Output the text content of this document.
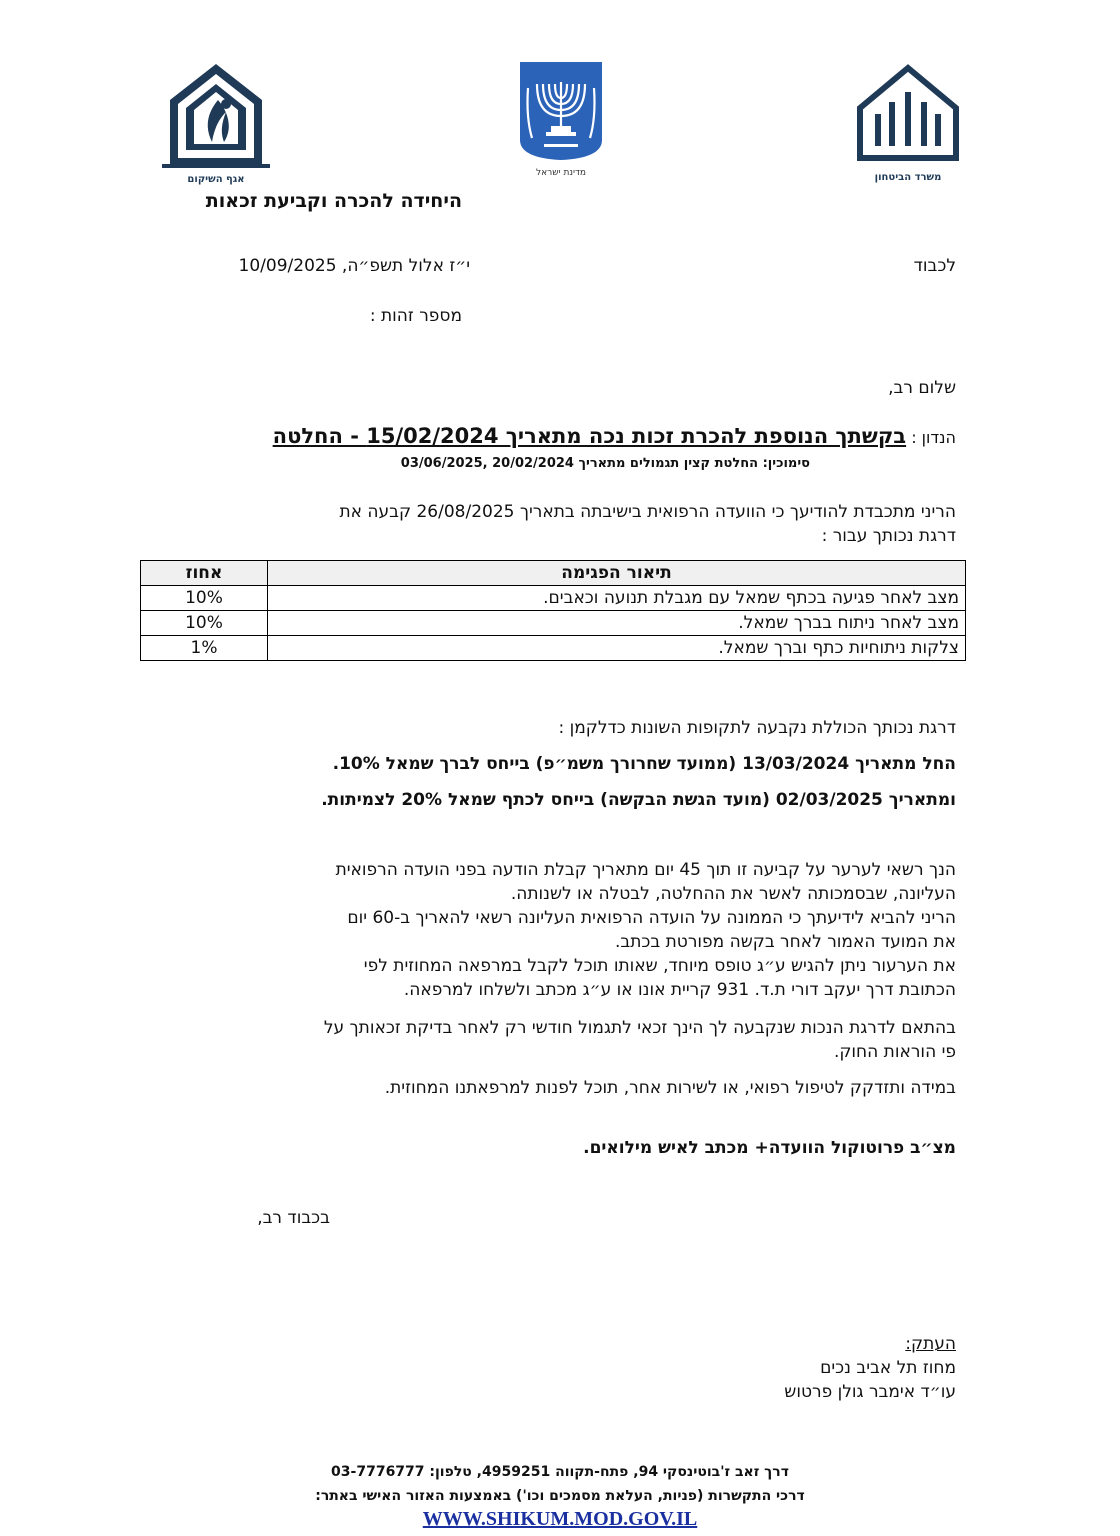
אגף השיקום
מדינת ישראל	משרד הביטחון
היחידה להכרה וקביעת זכאות
לכבוד
י״ז אלול תשפ״ה, 10/09/2025
מספר זהות :
שלום רב,
הנדון : בקשתך הנוספת להכרת זכות נכה מתאריך 15/02/2024 - החלטה
סימוכין: החלטת קצין תגמולים מתאריך 20/02/2024 ,03/06/2025
הריני מתכבדת להודיעך כי הוועדה הרפואית בישיבתה בתאריך 26/08/2025 קבעה את
דרגת נכותך עבור :
תיאור הפגימה	אחוז
מצב לאחר פגיעה בכתף שמאל עם מגבלת תנועה וכאבים.	10%
מצב לאחר ניתוח בברך שמאל.	10%
צלקות ניתוחיות כתף וברך שמאל.	1%
דרגת נכותך הכוללת נקבעה לתקופות השונות כדלקמן :
החל מתאריך 13/03/2024 (ממועד שחרורך משמ״פ) בייחס לברך שמאל 10%.
ומתאריך 02/03/2025 (מועד הגשת הבקשה) בייחס לכתף שמאל 20% לצמיתות.
הנך רשאי לערער על קביעה זו תוך 45 יום מתאריך קבלת הודעה בפני הועדה הרפואית
העליונה, שבסמכותה לאשר את ההחלטה, לבטלה או לשנותה.
הריני להביא לידיעתך כי הממונה על הועדה הרפואית העליונה רשאי להאריך ב-60 יום
את המועד האמור לאחר בקשה מפורטת בכתב.
את הערעור ניתן להגיש ע״ג טופס מיוחד, שאותו תוכל לקבל במרפאה המחוזית לפי
הכתובת דרך יעקב דורי ת.ד. 931 קריית אונו או ע״ג מכתב ולשלחו למרפאה.
בהתאם לדרגת הנכות שנקבעה לך הינך זכאי לתגמול חודשי רק לאחר בדיקת זכאותך על
פי הוראות החוק.
במידה ותזדקק לטיפול רפואי, או לשירות אחר, תוכל לפנות למרפאתנו המחוזית.
מצ״ב פרוטוקול הוועדה+ מכתב לאיש מילואים.
בכבוד רב,
העתק:
מחוז תל אביב נכים
עו״ד אימבר גולן פרטוש
דרך זאב ז'בוטינסקי 94, פתח-תקווה 4959251, טלפון: 03-7776777
דרכי התקשרות (פניות, העלאת מסמכים וכו') באמצעות האזור האישי באתר:
WWW.SHIKUM.MOD.GOV.IL
